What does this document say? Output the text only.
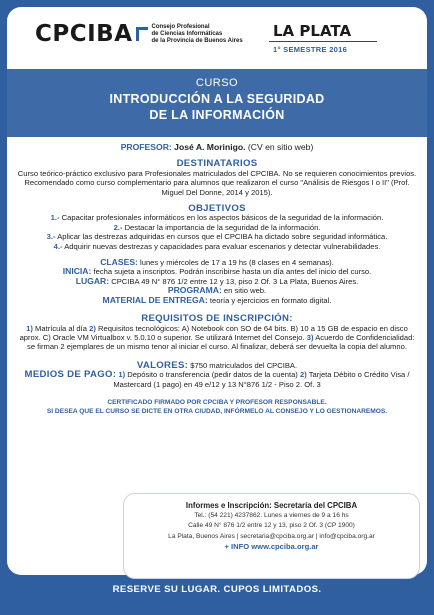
CPCIBA	Consejo Profesional
de Ciencias Informáticas
de la Provincia de Buenos Aires
LA PLATA
1° SEMESTRE 2016
CURSO
INTRODUCCIÓN A LA SEGURIDAD
DE LA INFORMACIÓN
PROFESOR: José A. Morinigo. (CV en sitio web)
DESTINATARIOS
Curso teórico-práctico exclusivo para Profesionales matriculados del CPCIBA. No se requieren conocimientos previos. Recomendado como curso complementario para alumnos que realizaron el curso "Análisis de Riesgos I o II" (Prof. Miguel Del Donne, 2014 y 2015).
OBJETIVOS
1.- Capacitar profesionales informáticos en los aspectos básicos de la seguridad de la información.
2.- Destacar la importancia de la seguridad de la información.
3.- Aplicar las destrezas adquiridas en cursos que el CPCIBA ha dictado sobre seguridad informática.
4.- Adquirir nuevas destrezas y capacidades para evaluar escenarios y detectar vulnerabilidades.
CLASES: lunes y miércoles de 17 a 19 hs (8 clases en 4 semanas).
INICIA: fecha sujeta a inscriptos. Podrán inscribirse hasta un día antes del inicio del curso.
LUGAR: CPCIBA 49 N° 876 1/2 entre 12 y 13, piso 2 Of. 3 La Plata, Buenos Aires.
PROGRAMA: en sitio web.
MATERIAL DE ENTREGA: teoría y ejercicios en formato digital.
REQUISITOS DE INSCRIPCIÓN:
1) Matrícula al día 2) Requisitos tecnológicos: A) Notebook con SO de 64 bits. B) 10 a 15 GB de espacio en disco aprox. C) Oracle VM Virtualbox v. 5.0.10 o superior. Se utilizará Internet del Consejo. 3) Acuerdo de Confidencialidad: se firman 2 ejemplares de un mismo tenor al iniciar el curso. Al finalizar, deberá ser devuelta la copia del alumno.
VALORES: $750 matriculados del CPCIBA.
MEDIOS DE PAGO: 1) Depósito o transferencia (pedir datos de la cuenta) 2) Tarjeta Débito o Crédito Visa / Mastercard (1 pago) en 49 e/12 y 13 N°876 1/2 - Piso 2. Of. 3
CERTIFICADO FIRMADO POR CPCIBA Y PROFESOR RESPONSABLE.
SI DESEA QUE EL CURSO SE DICTE EN OTRA CIUDAD, INFÓRMELO AL CONSEJO Y LO GESTIONAREMOS.
Informes e Inscripción: Secretaría del CPCIBA
Tel.: (54 221) 4237862. Lunes a viernes de 9 a 16 hs
Calle 49 N° 876 1/2 entre 12 y 13, piso 2 Of. 3 (CP 1900)
La Plata, Buenos Aires | secretaria@cpciba.org.ar | info@cpciba.org.ar
+ INFO www.cpciba.org.ar
RESERVE SU LUGAR. CUPOS LIMITADOS.
